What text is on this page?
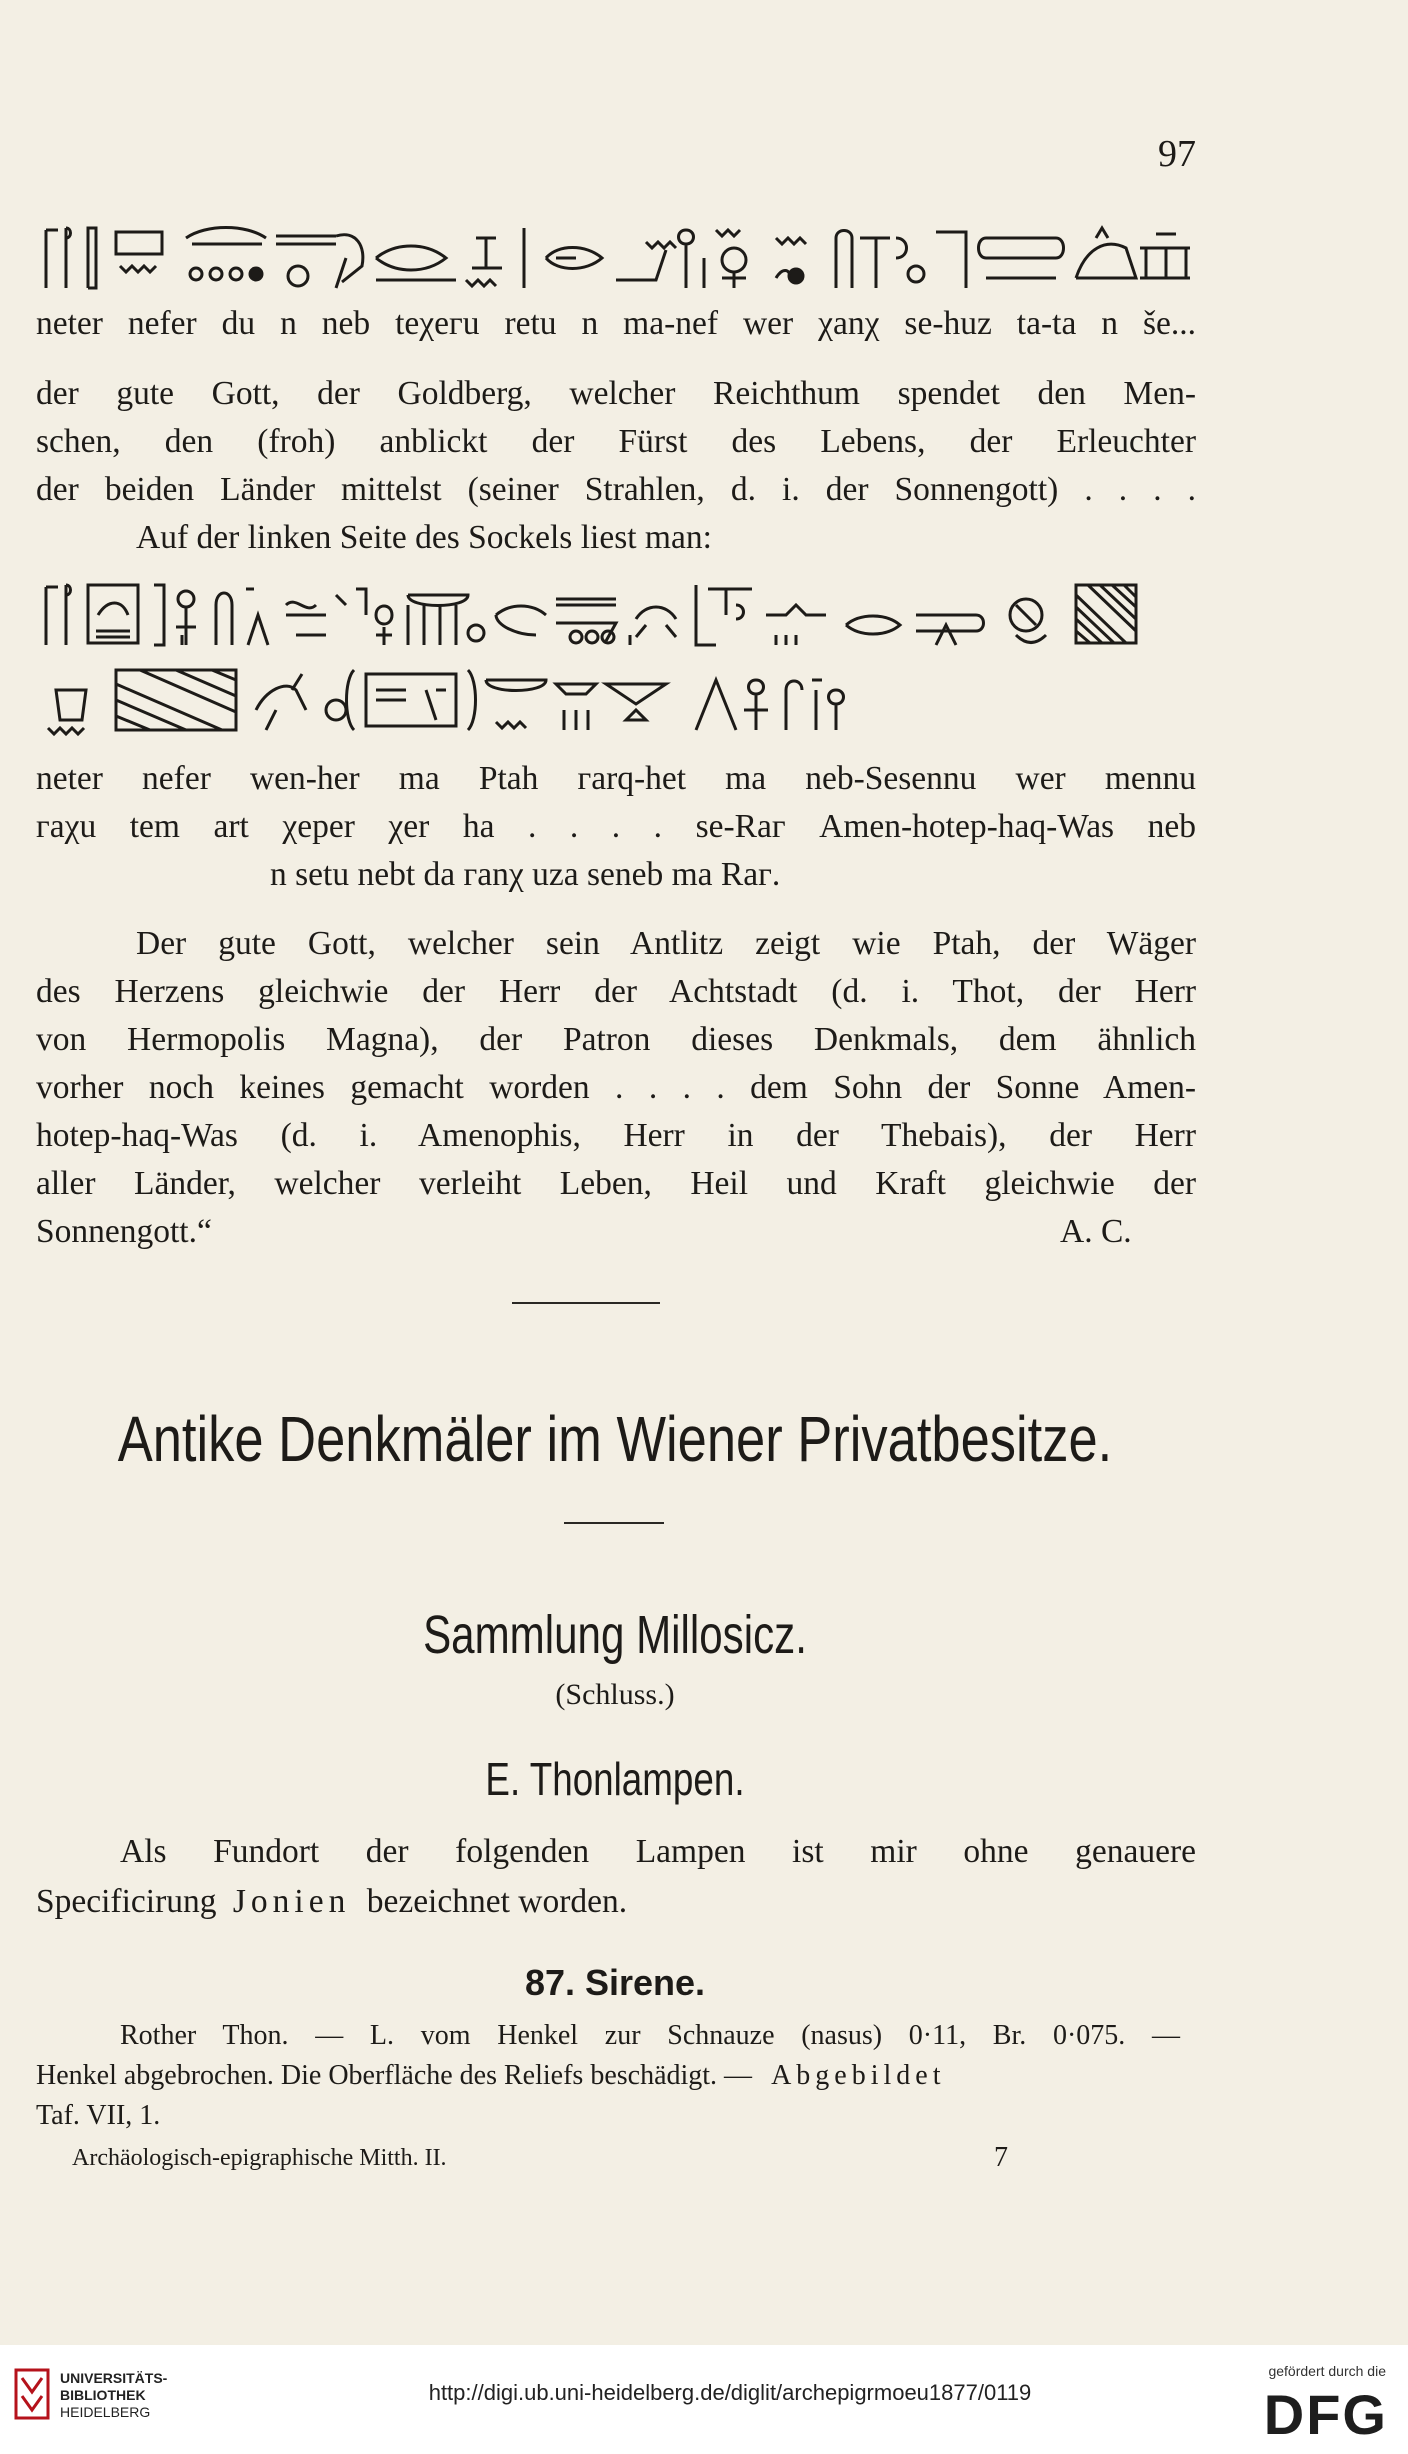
97
neter nefer du n neb teχeᴦu retu n ma-nef wer χanχ se-huz ta-ta n še...
der gute Gott, der Goldberg, welcher Reichthum spendet den Men-
schen, den (froh) anblickt der Fürst des Lebens, der Erleuchter
der beiden Länder mittelst (seiner Strahlen, d. i. der Sonnengott) . . . .
Auf der linken Seite des Sockels liest man:
neter nefer wen-her ma Ptah ᴦarq-het ma neb-Sesennu wer mennu
ᴦaχu tem art χeper χer ha . . . . se-Raᴦ Amen-hotep-haq-Was neb
n setu nebt da ᴦanχ uza seneb ma Raᴦ.
Der gute Gott, welcher sein Antlitz zeigt wie Ptah, der Wäger
des Herzens gleichwie der Herr der Achtstadt (d. i. Thot, der Herr
von Hermopolis Magna), der Patron dieses Denkmals, dem ähnlich
vorher noch keines gemacht worden . . . . dem Sohn der Sonne Amen-
hotep-haq-Was (d. i. Amenophis, Herr in der Thebais), der Herr
aller Länder, welcher verleiht Leben, Heil und Kraft gleichwie der
Sonnengott.“	A. C.
Antike Denkmäler im Wiener Privatbesitze.
Sammlung Millosicz.
(Schluss.)
E. Thonlampen.
Als Fundort der folgenden Lampen ist mir ohne genauere
Specificirung Jonien bezeichnet worden.
87. Sirene.
Rother Thon. — L. vom Henkel zur Schnauze (nasus) 0·11, Br. 0·075. —
Henkel abgebrochen. Die Oberfläche des Reliefs beschädigt. — Abgebildet
Taf. VII, 1.
Archäologisch-epigraphische Mitth. II.	7
UNIVERSITÄTS-
BIBLIOTHEK
HEIDELBERG
http://digi.ub.uni-heidelberg.de/diglit/archepigrmoeu1877/0119
gefördert durch die
DFG
